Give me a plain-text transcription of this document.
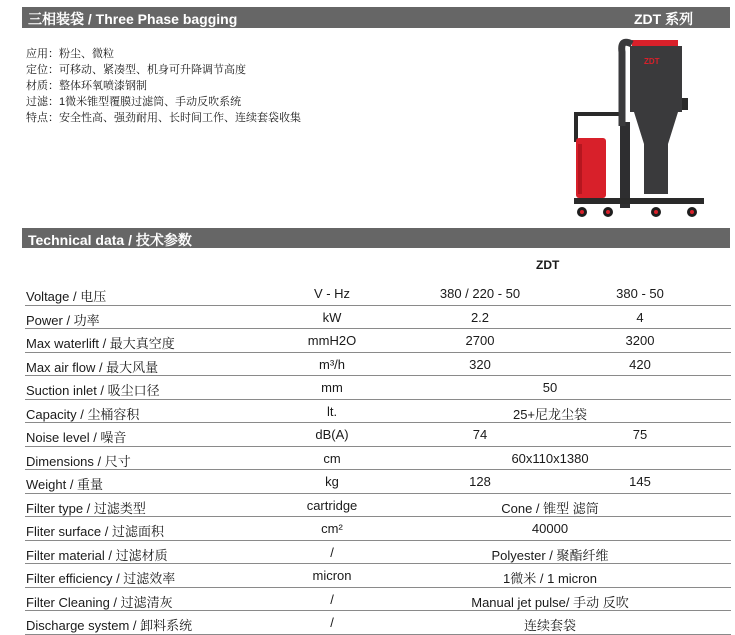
三相装袋 / Three Phase bagging	ZDT 系列
应用：粉尘、微粒
定位：可移动、紧凑型、机身可升降调节高度
材质：整体环氧喷漆钢制
过滤：1微米锥型覆膜过滤筒、手动反吹系统
特点：安全性高、强劲耐用、长时间工作、连续套袋收集
ZDT
Technical data / 技术参数
ZDT
Voltage / 电压	V - Hz	380 / 220 - 50	380 - 50
Power / 功率	kW	2.2	4
Max waterlift / 最大真空度	mmH2O	2700	3200
Max air flow / 最大风量	m³/h	320	420
Suction inlet / 吸尘口径	mm	50
Capacity / 尘桶容积	lt.	25+尼龙尘袋
Noise level / 噪音	dB(A)	74	75
Dimensions / 尺寸	cm	60x110x1380
Weight / 重量	kg	128	145
Filter type / 过滤类型	cartridge	Cone / 锥型 滤筒
Fliter surface / 过滤面积	cm²	40000
Filter material / 过滤材质	/	Polyester / 聚酯纤维
Filter efficiency / 过滤效率	micron	1微米 / 1 micron
Filter Cleaning / 过滤清灰	/	Manual jet pulse/ 手动 反吹
Discharge system / 卸料系统	/	连续套袋
